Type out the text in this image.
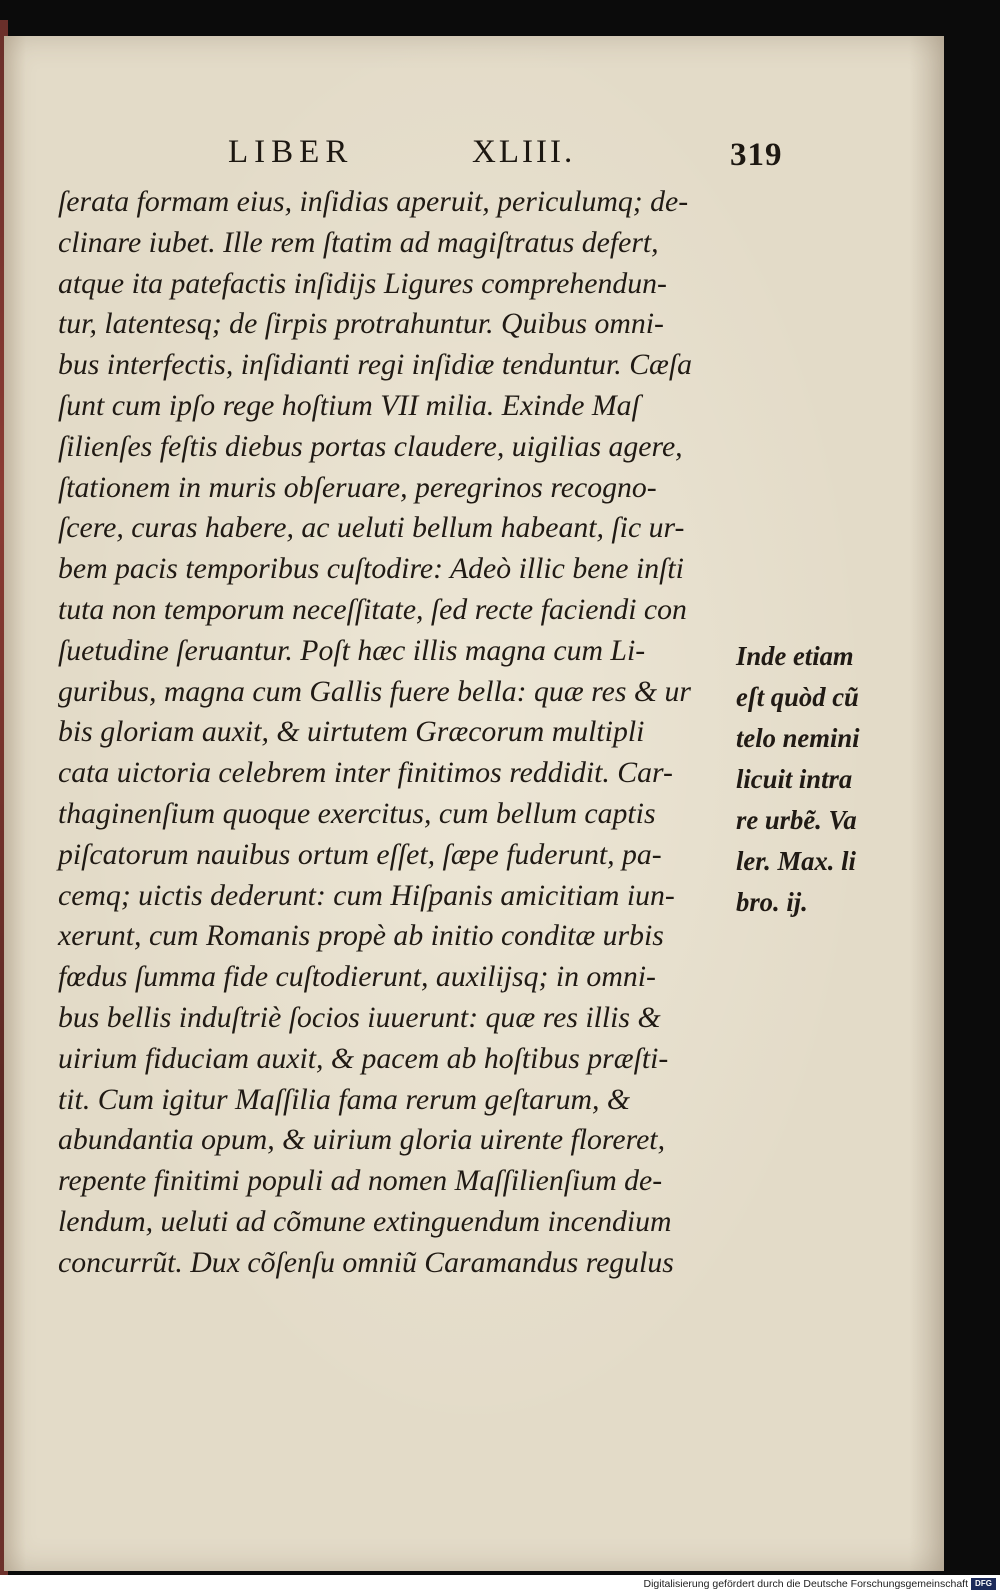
LIBER	XLIII.	319
ſerata formam eius, inſidias aperuit, periculumq; de-
clinare iubet. Ille rem ſtatim ad magiſtratus defert,
atque ita patefactis inſidijs Ligures comprehendun-
tur, latentesq; de ſirpis protrahuntur. Quibus omni-
bus interfectis, inſidianti regi inſidiæ tenduntur. Cæſa
ſunt cum ipſo rege hoſtium VII milia. Exinde Maſ
ſilienſes feſtis diebus portas claudere, uigilias agere,
ſtationem in muris obſeruare, peregrinos recogno-
ſcere, curas habere, ac ueluti bellum habeant, ſic ur-
bem pacis temporibus cuſtodire: Adeò illic bene inſti
tuta non temporum neceſſitate, ſed recte faciendi con
ſuetudine ſeruantur. Poſt hæc illis magna cum Li-
guribus, magna cum Gallis fuere bella: quæ res & ur
bis gloriam auxit, & uirtutem Græcorum multipli
cata uictoria celebrem inter finitimos reddidit. Car-
thaginenſium quoque exercitus, cum bellum captis
piſcatorum nauibus ortum eſſet, ſæpe fuderunt, pa-
cemq; uictis dederunt: cum Hiſpanis amicitiam iun-
xerunt, cum Romanis propè ab initio conditæ urbis
fœdus ſumma fide cuſtodierunt, auxilijsq; in omni-
bus bellis induſtriè ſocios iuuerunt: quæ res illis &
uirium fiduciam auxit, & pacem ab hoſtibus præſti-
tit. Cum igitur Maſſilia fama rerum geſtarum, &
abundantia opum, & uirium gloria uirente floreret,
repente finitimi populi ad nomen Maſſilienſium de-
lendum, ueluti ad cõmune extinguendum incendium
concurrũt. Dux cõſenſu omniũ Caramandus regulus
Inde etiam
eſt quòd cũ
telo nemini
licuit intra
re urbẽ. Va
ler. Max. li
bro. ij.
Digitalisierung gefördert durch die Deutsche Forschungsgemeinschaft DFG
